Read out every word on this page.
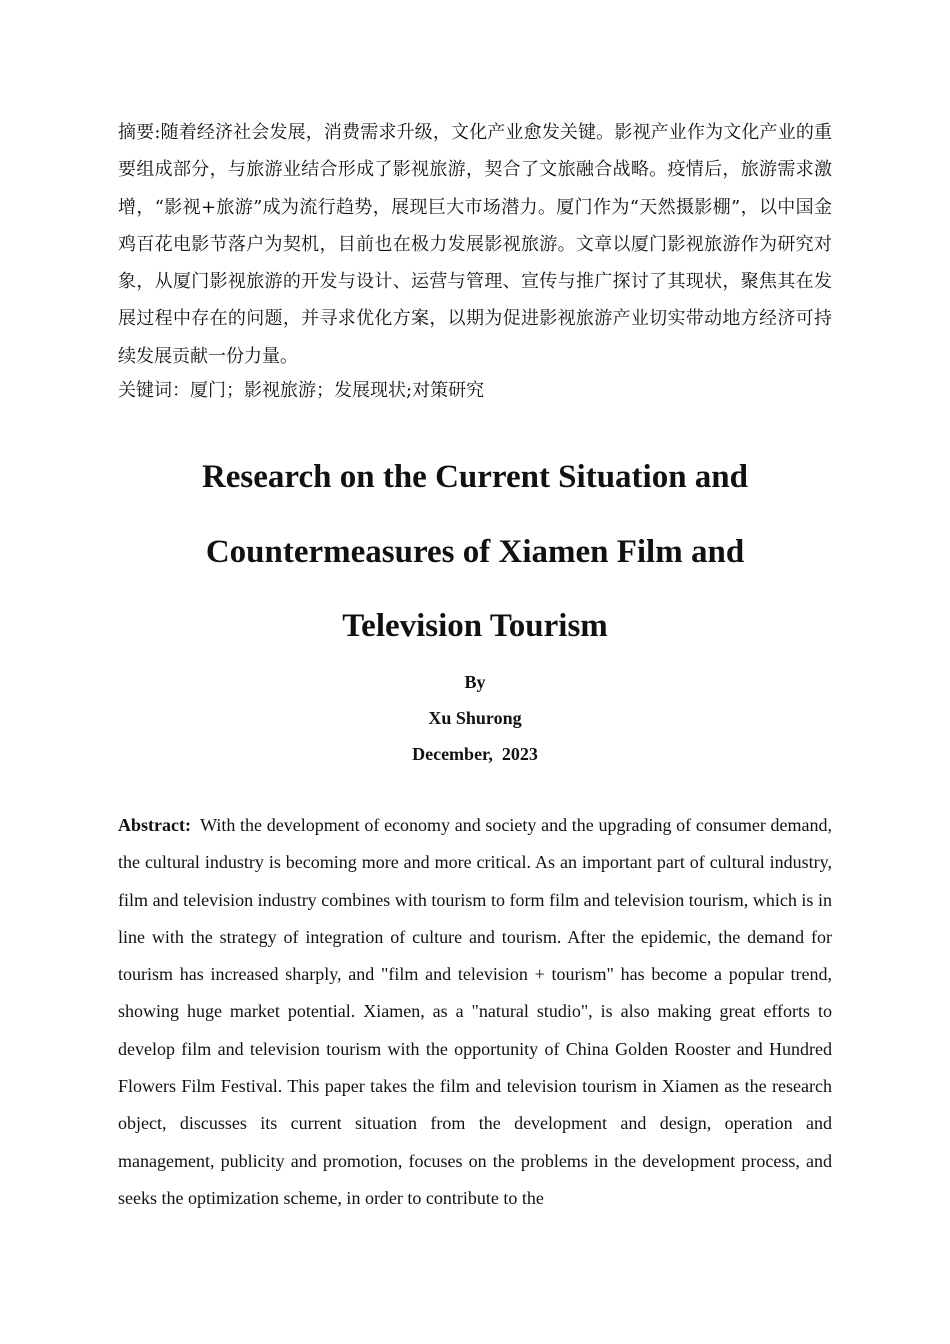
摘要:随着经济社会发展，消费需求升级，文化产业愈发关键。影视产业作为文化产业的重要组成部分，与旅游业结合形成了影视旅游，契合了文旅融合战略。疫情后，旅游需求激增，“影视+旅游”成为流行趋势，展现巨大市场潜力。厦门作为“天然摄影棚”，以中国金鸡百花电影节落户为契机，目前也在极力发展影视旅游。文章以厦门影视旅游作为研究对象，从厦门影视旅游的开发与设计、运营与管理、宣传与推广探讨了其现状，聚焦其在发展过程中存在的问题，并寻求优化方案，以期为促进影视旅游产业切实带动地方经济可持续发展贡献一份力量。

关键词：厦门；影视旅游；发展现状;对策研究

Research on the Current Situation and
Countermeasures of Xiamen Film and
Television Tourism
By
Xu Shurong
December,  2023

Abstract: With the development of economy and society and the upgrading of consumer demand, the cultural industry is becoming more and more critical. As an important part of cultural industry, film and television industry combines with tourism to form film and television tourism, which is in line with the strategy of integration of culture and tourism. After the epidemic, the demand for tourism has increased sharply, and "film and television + tourism" has become a popular trend, showing huge market potential. Xiamen, as a "natural studio", is also making great efforts to develop film and television tourism with the opportunity of China Golden Rooster and Hundred Flowers Film Festival. This paper takes the film and television tourism in Xiamen as the research object, discusses its current situation from the development and design, operation and management, publicity and promotion, focuses on the problems in the development process, and seeks the optimization scheme, in order to contribute to the
